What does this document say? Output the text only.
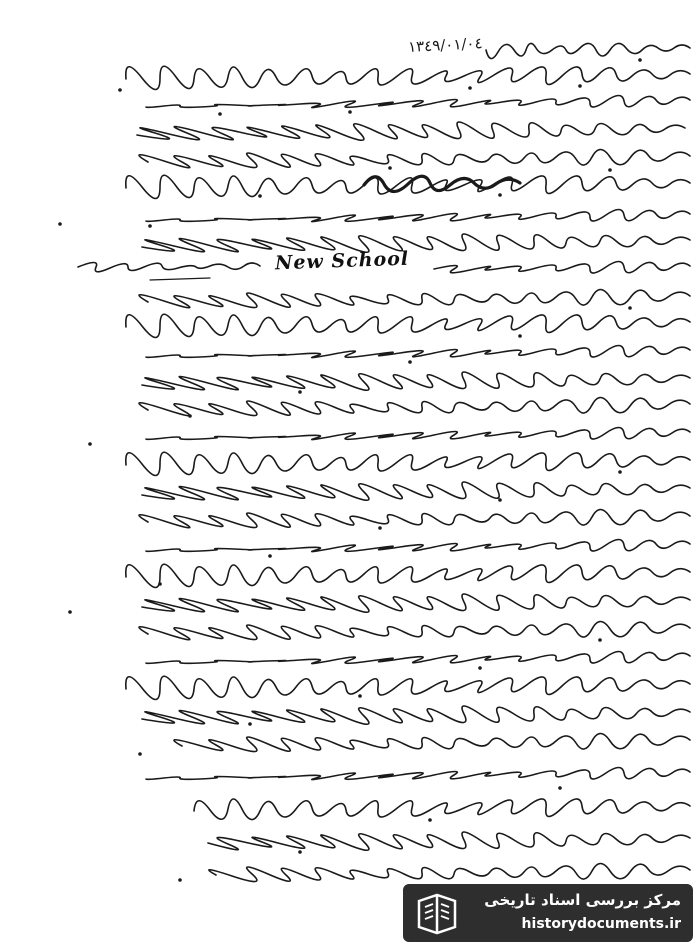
١٣٤٩/٠١/٠٤
New School
مرکز بررسی اسناد تاریخی
historydocuments.ir
